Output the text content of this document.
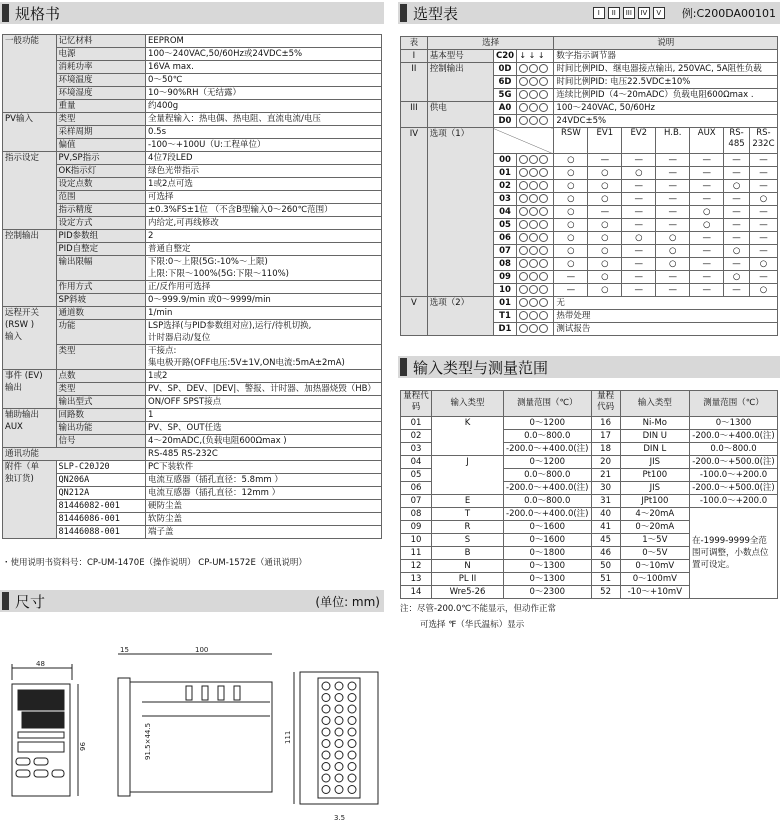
规格书
一般功能	记忆材料	EEPROM

	电源	100～240VAC,50/60Hz或24VDC±5%

	消耗功率	16VA max.

	环境温度	0～50℃

	环境湿度	10～90%RH（无结露）

	重量	约400g

PV输入	类型	全量程输入：热电偶、热电阻、直流电流/电压

	采样周期	0.5s

	偏值	-100～+100U（U:工程单位）

指示设定	PV,SP指示	4位7段LED

	OK指示灯	绿色光带指示

	设定点数	1或2点可选

	范围	可选择

	指示精度	±0.3%FS±1位 （不含B型输入0～260℃范围）

	设定方式	内给定,可再线修改

控制输出	PID参数组	2

	PID自整定	普通自整定

	输出限幅	下限:0～上限(5G:-10%～上限)
上限:下限～100%(5G:下限～110%)

	作用方式	正/反作用可选择

	SP斜坡	0～999.9/min 或0～9999/min

远程开关
(RSW )
输入	通道数	1/min

	功能	LSP选择(与PID参数组对应),运行/待机切换,
计时器启动/复位

	类型	干接点:
集电极开路(OFF电压:5V±1V,ON电流:5mA±2mA)

事件 (EV)
输出	点数	1或2

	类型	PV、SP、DEV、|DEV|、警报、计时器、加热器烧毁（HB）

	输出型式	ON/OFF SPST接点

辅助输出
AUX	回路数	1

	输出功能	PV、SP、OUT任选

	信号	4～20mADC,(负载电阻600Ωmax )

通讯功能		RS-485 RS-232C

附件（单
独订货)	SLP-C20J20	PC下装软件

	QN206A	电流互感器（插孔直径：5.8mm ）

	QN212A	电流互感器（插孔直径：12mm ）

	81446082-001	硬防尘盖

	81446086-001	软防尘盖

	81446088-001	端子盖
・使用说明书资料号：CP-UM-1470E（操作说明） CP-UM-1572E（通讯说明）
选型表	I	II	III	IV	V	例:C200DA00101
表	选择			说明						
I	基本型号	C20	↓ ↓ ↓	数字指示调节器						
II	控制输出	0D		时间比例PID、继电器接点输出, 250VAC, 5A阻性负载						
		6D		时间比例PID: 电压22.5VDC±10%						
		5G		连续比例PID（4～20mADC）负载电阻600Ωmax .						
III	供电	A0		100～240VAC, 50/60Hz						
		D0		24VDC±5%						
IV	选项（1）			RSW	EV1	EV2	H.B.	AUX	RS-485	RS-232C
		00		○	—	—	—	—	—	—
		01		○	○	○	—	—	—	—
		02		○	○	—	—	—	○	—
		03		○	○	—	—	—	—	○
		04		○	—	—	—	○	—	—
		05		○	○	—	—	○	—	—
		06		○	○	○	○	—	—	—
		07		○	○	—	○	—	○	—
		08		○	○	—	○	—	—	○
		09		—	○	—	—	—	○	—
		10		—	○	—	—	—	—	○
V	选项（2）	01		无						
		T1		热带处理						
		D1		测试报告						
输入类型与测量范围
量程代码	输入类型	测量范围（℃）	量程代码	输入类型	测量范围（℃）
01	K	0～1200	16	Ni-Mo	0～1300
02		0.0～800.0	17	DIN U	-200.0～+400.0(注)
03		-200.0～+400.0(注)	18	DIN L	0.0～800.0
04	J	0～1200	20	JIS	-200.0～+500.0(注)
05		0.0～800.0	21	Pt100	-100.0～+200.0
06		-200.0～+400.0(注)	30	JIS	-200.0～+500.0(注)
07	E	0.0～800.0	31	JPt100	-100.0～+200.0
08	T	-200.0～+400.0(注)	40	4～20mA	在-1999-9999全范围可调整，小数点位置可设定。
09	R	0～1600	41	0～20mA	
10	S	0～1600	45	1～5V	
11	B	0～1800	46	0～5V	
12	N	0～1300	50	0～10mV	
13	PL II	0～1300	51	0～100mV	
14	Wre5-26	0～2300	52	-10～+10mV	
注：尽管-200.0℃不能显示，但动作正常
可选择 ℉（华氏温标）显示
尺寸	(单位: mm)
48
96
15	100
91.5×44.5	111
3.5
